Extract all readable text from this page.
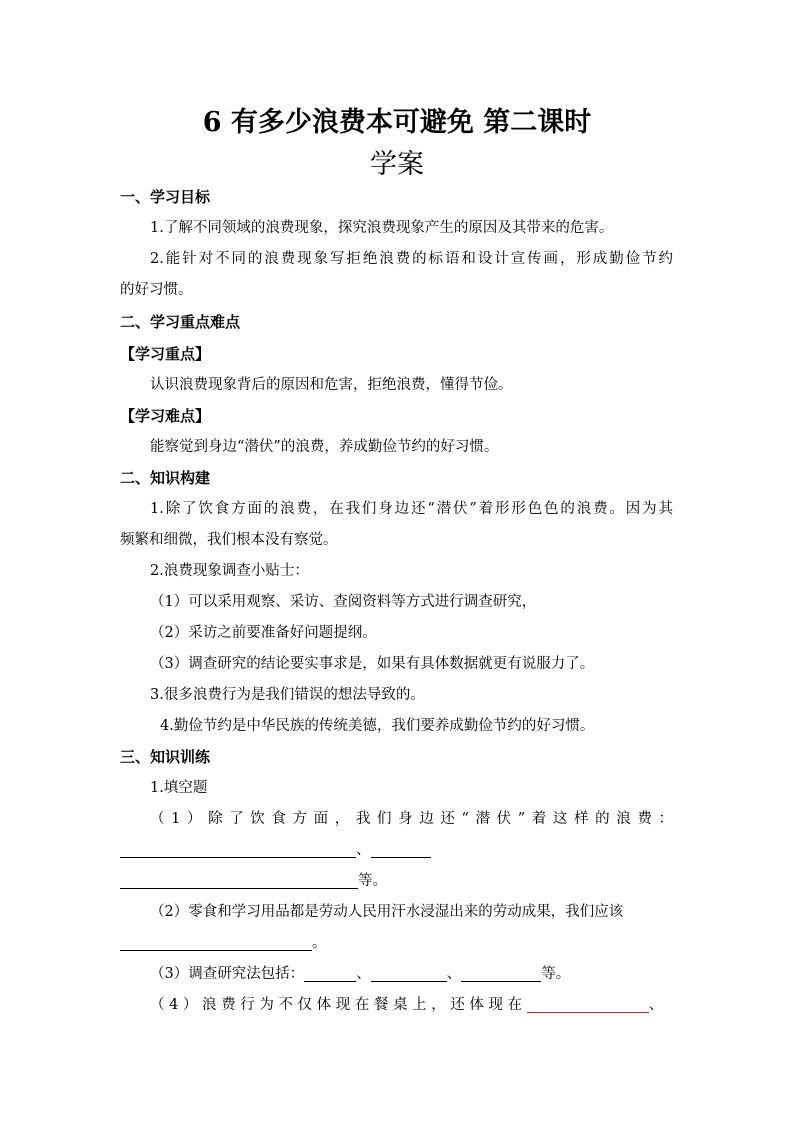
6 有多少浪费本可避免 第二课时
学案
一、学习目标
1.了解不同领域的浪费现象，探究浪费现象产生的原因及其带来的危害。
2.能针对不同的浪费现象写拒绝浪费的标语和设计宣传画，形成勤俭节约
的好习惯。
二、学习重点难点
【学习重点】
认识浪费现象背后的原因和危害，拒绝浪费，懂得节俭。
【学习难点】
能察觉到身边“潜伏”的浪费，养成勤俭节约的好习惯。
二、知识构建
1.除了饮食方面的浪费，在我们身边还“潜伏”着形形色色的浪费。因为其
频繁和细微，我们根本没有察觉。
2.浪费现象调查小贴士：
（1）可以采用观察、采访、查阅资料等方式进行调查研究，
（2）采访之前要准备好问题提纲。
（3）调查研究的结论要实事求是，如果有具体数据就更有说服力了。
3.很多浪费行为是我们错误的想法导致的。
4.勤俭节约是中华民族的传统美德，我们要养成勤俭节约的好习惯。
三、知识训练
1.填空题
（1）除了饮食方面，我们身边还“潜伏”着这样的浪费：
、
等。
（2）零食和学习用品都是劳动人民用汗水浸湿出来的劳动成果，我们应该
。
（3）调查研究法包括：	、	、	等。
（4）浪费行为不仅体现在餐桌上，还体现在	、
